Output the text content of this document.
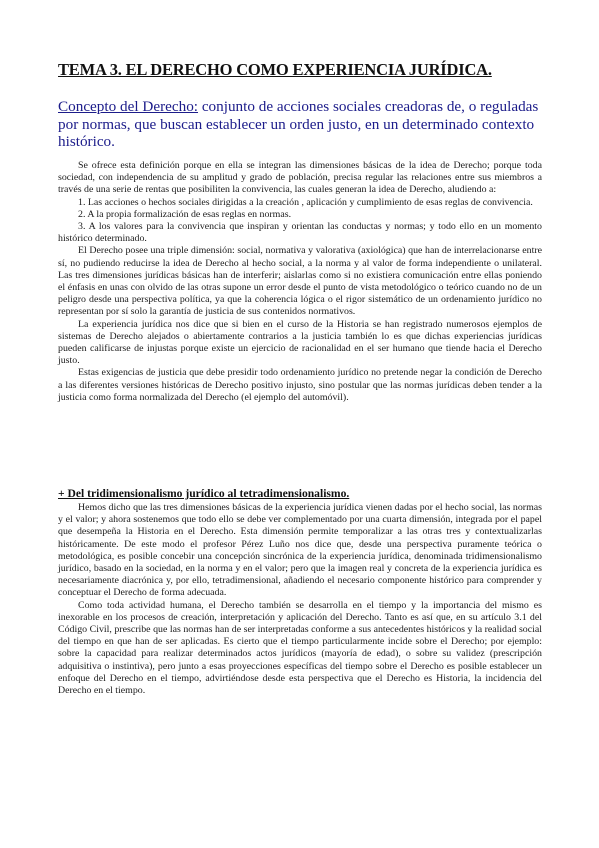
TEMA 3. EL DERECHO COMO EXPERIENCIA JURÍDICA.
Concepto del Derecho: conjunto de acciones sociales creadoras de, o reguladas por normas, que buscan establecer un orden justo, en un determinado contexto histórico.

Se ofrece esta definición porque en ella se integran las dimensiones básicas de la idea de Derecho; porque toda sociedad, con independencia de su amplitud y grado de población, precisa regular las relaciones entre sus miembros a través de una serie de rentas que posibiliten la convivencia, las cuales generan la idea de Derecho, aludiendo a:

1. Las acciones o hechos sociales dirigidas a la creación , aplicación y cumplimiento de esas reglas de convivencia.

2. A la propia formalización de esas reglas en normas.

3. A los valores para la convivencia que inspiran y orientan las conductas y normas; y todo ello en un momento histórico determinado.

El Derecho posee una triple dimensión: social, normativa y valorativa (axiológica) que han de interrelacionarse entre sí, no pudiendo reducirse la idea de Derecho al hecho social, a la norma y al valor de forma independiente o unilateral. Las tres dimensiones jurídicas básicas han de interferir; aislarlas como si no existiera comunicación entre ellas poniendo el énfasis en unas con olvido de las otras supone un error desde el punto de vista metodológico o teórico cuando no de un peligro desde una perspectiva política, ya que la coherencia lógica o el rigor sistemático de un ordenamiento jurídico no representan por sí solo la garantía de justicia de sus contenidos normativos.

La experiencia jurídica nos dice que si bien en el curso de la Historia se han registrado numerosos ejemplos de sistemas de Derecho alejados o abiertamente contrarios a la justicia también lo es que dichas experiencias jurídicas pueden calificarse de injustas porque existe un ejercicio de racionalidad en el ser humano que tiende hacia el Derecho justo.

Estas exigencias de justicia que debe presidir todo ordenamiento jurídico no pretende negar la condición de Derecho a las diferentes versiones históricas de Derecho positivo injusto, sino postular que las normas jurídicas deben tender a la justicia como forma normalizada del Derecho (el ejemplo del automóvil).

+ Del tridimensionalismo jurídico al tetradimensionalismo.

Hemos dicho que las tres dimensiones básicas de la experiencia jurídica vienen dadas por el hecho social, las normas y el valor; y ahora sostenemos que todo ello se debe ver complementado por una cuarta dimensión, integrada por el papel que desempeña la Historia en el Derecho. Esta dimensión permite temporalizar a las otras tres y contextualizarlas históricamente. De este modo el profesor Pérez Luño nos dice que, desde una perspectiva puramente teórica o metodológica, es posible concebir una concepción sincrónica de la experiencia jurídica, denominada tridimensionalismo jurídico, basado en la sociedad, en la norma y en el valor; pero que la imagen real y concreta de la experiencia jurídica es necesariamente diacrónica y, por ello, tetradimensional, añadiendo el necesario componente histórico para comprender y conceptuar el Derecho de forma adecuada.

Como toda actividad humana, el Derecho también se desarrolla en el tiempo y la importancia del mismo es inexorable en los procesos de creación, interpretación y aplicación del Derecho. Tanto es así que, en su artículo 3.1 del Código Civil, prescribe que las normas han de ser interpretadas conforme a sus antecedentes históricos y la realidad social del tiempo en que han de ser aplicadas. Es cierto que el tiempo particularmente incide sobre el Derecho; por ejemplo: sobre la capacidad para realizar determinados actos jurídicos (mayoría de edad), o sobre su validez (prescripción adquisitiva o instintiva), pero junto a esas proyecciones específicas del tiempo sobre el Derecho es posible establecer un enfoque del Derecho en el tiempo, advirtiéndose desde esta perspectiva que el Derecho es Historia, la incidencia del Derecho en el tiempo.
